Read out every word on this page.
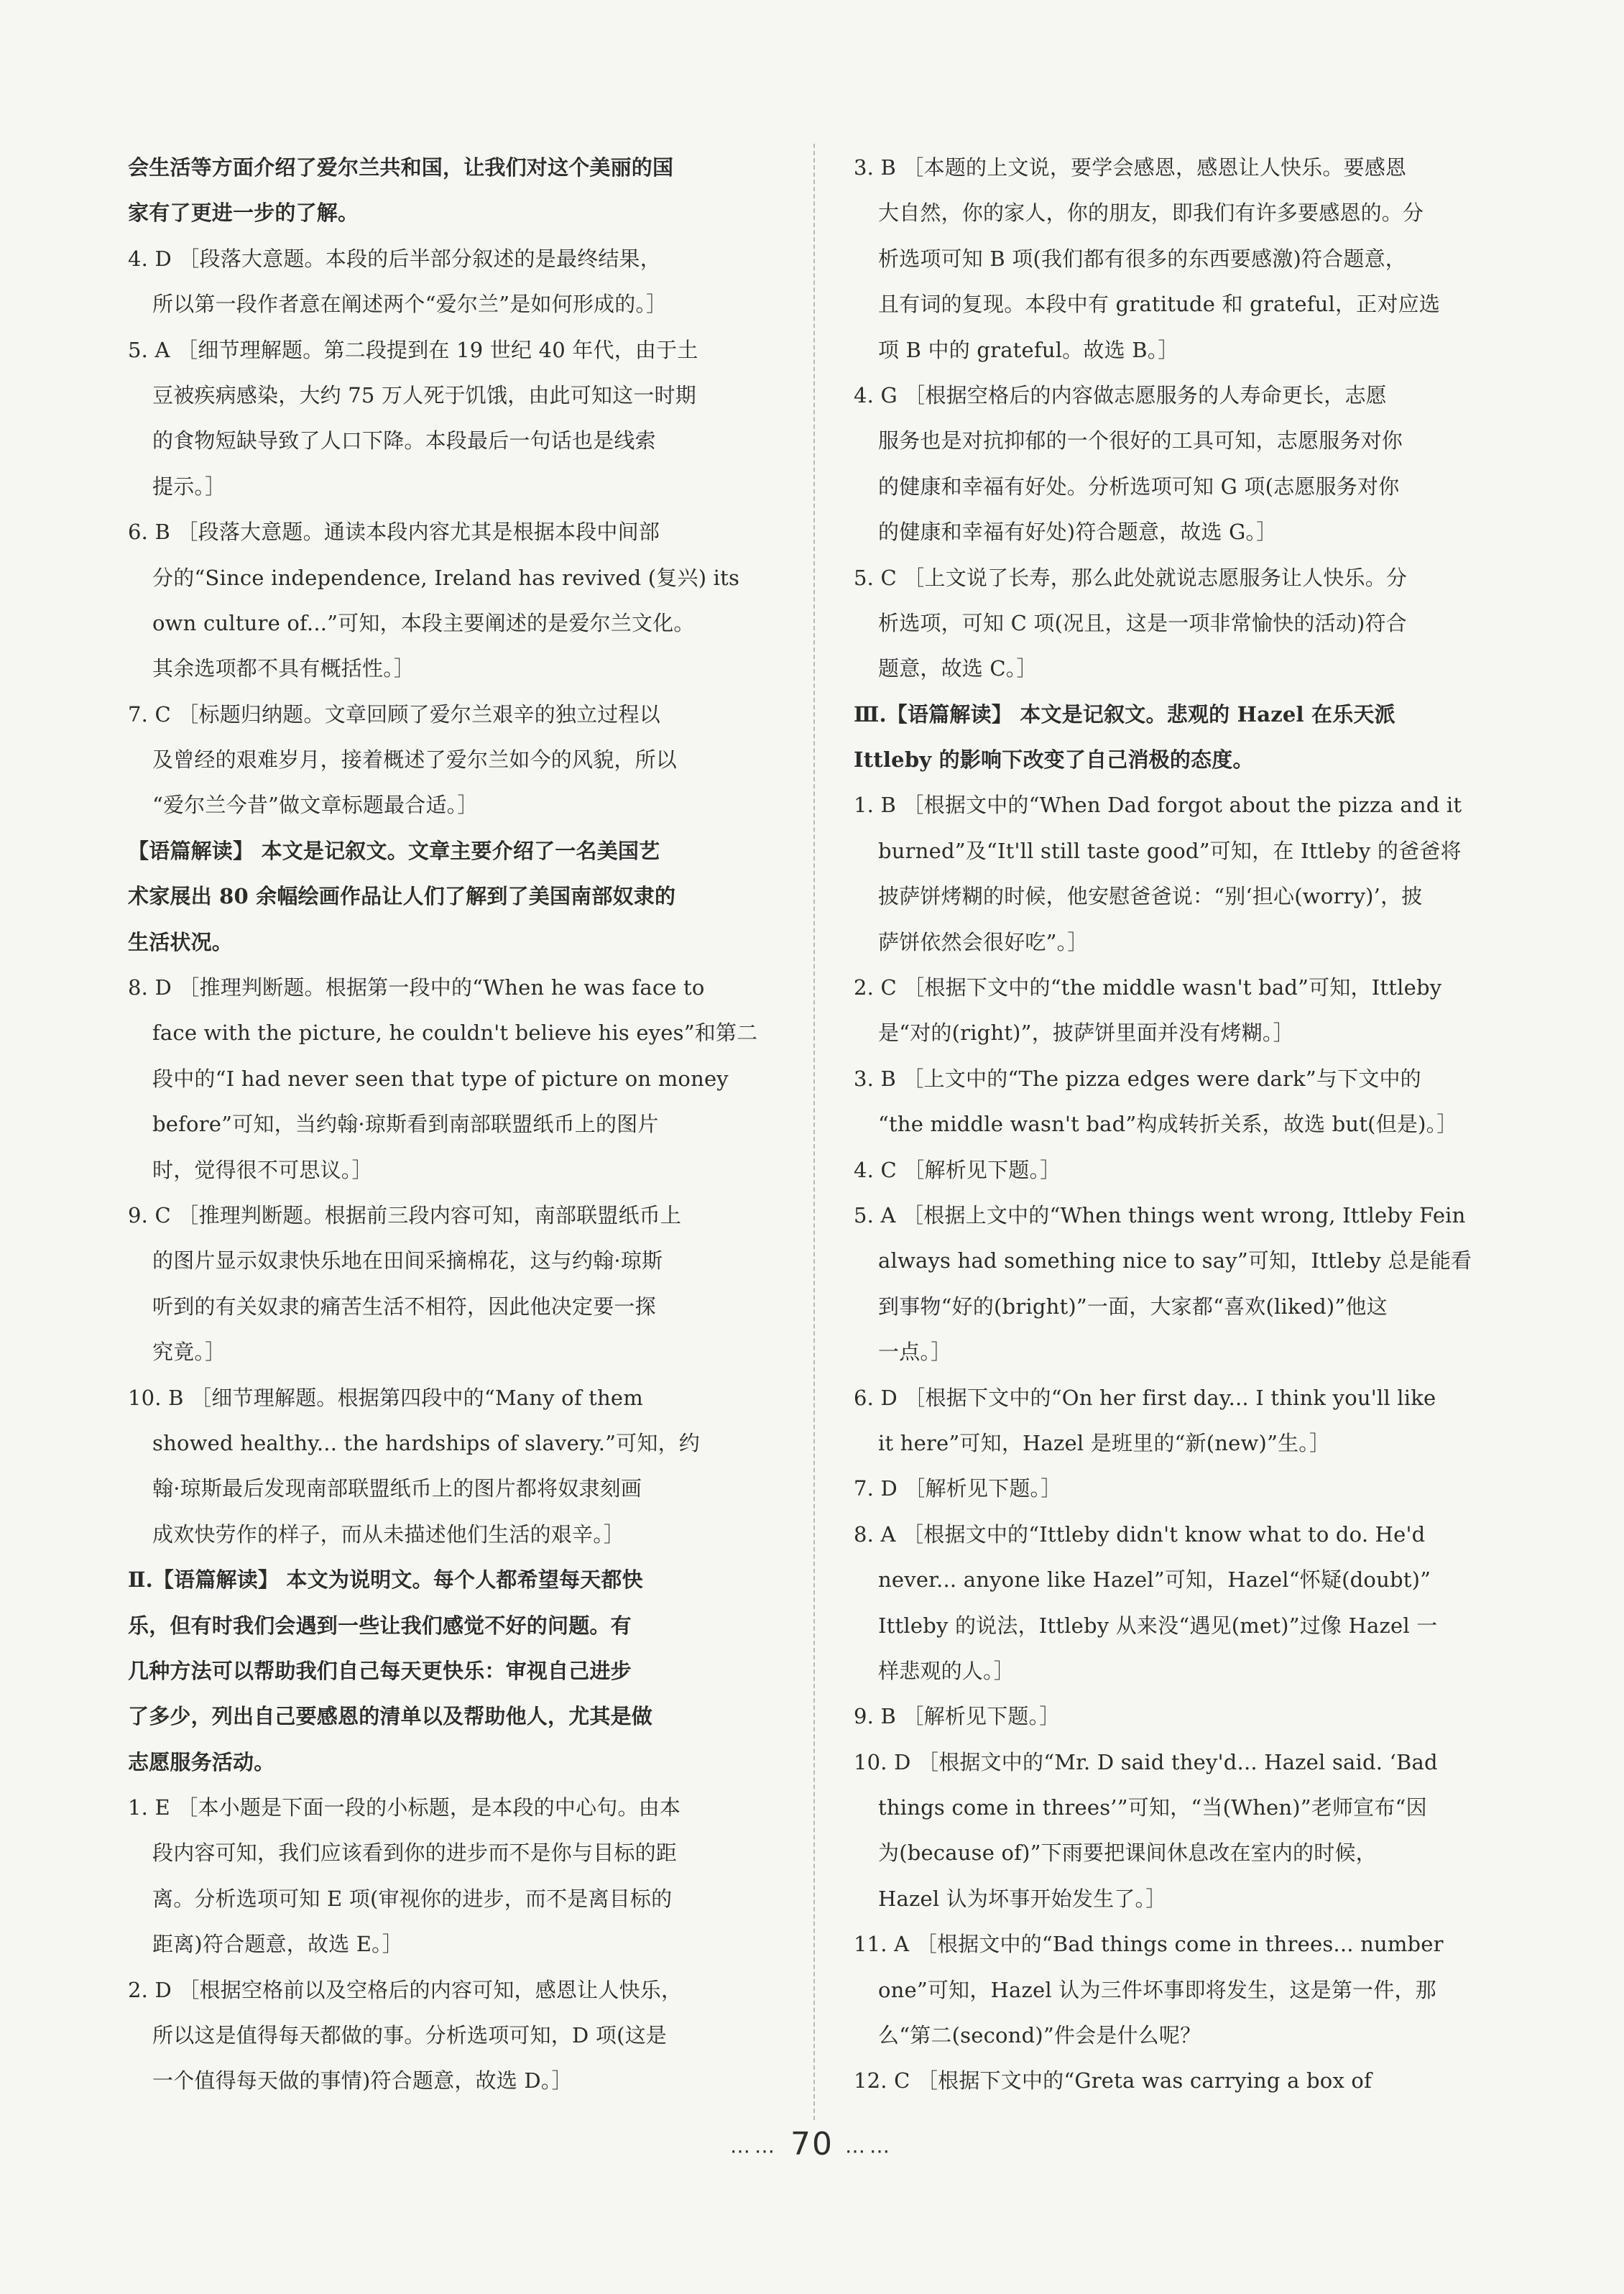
会生活等方面介绍了爱尔兰共和国，让我们对这个美丽的国
家有了更进一步的了解。
4. D ［段落大意题。本段的后半部分叙述的是最终结果，
所以第一段作者意在阐述两个“爱尔兰”是如何形成的。］
5. A ［细节理解题。第二段提到在 19 世纪 40 年代，由于土
豆被疾病感染，大约 75 万人死于饥饿，由此可知这一时期
的食物短缺导致了人口下降。本段最后一句话也是线索
提示。］
6. B ［段落大意题。通读本段内容尤其是根据本段中间部
分的“Since independence, Ireland has revived (复兴) its
own culture of...”可知，本段主要阐述的是爱尔兰文化。
其余选项都不具有概括性。］
7. C ［标题归纳题。文章回顾了爱尔兰艰辛的独立过程以
及曾经的艰难岁月，接着概述了爱尔兰如今的风貌，所以
“爱尔兰今昔”做文章标题最合适。］
【语篇解读】 本文是记叙文。文章主要介绍了一名美国艺
术家展出 80 余幅绘画作品让人们了解到了美国南部奴隶的
生活状况。
8. D ［推理判断题。根据第一段中的“When he was face to
face with the picture, he couldn't believe his eyes”和第二
段中的“I had never seen that type of picture on money
before”可知，当约翰·琼斯看到南部联盟纸币上的图片
时，觉得很不可思议。］
9. C ［推理判断题。根据前三段内容可知，南部联盟纸币上
的图片显示奴隶快乐地在田间采摘棉花，这与约翰·琼斯
听到的有关奴隶的痛苦生活不相符，因此他决定要一探
究竟。］
10. B ［细节理解题。根据第四段中的“Many of them
showed healthy... the hardships of slavery.”可知，约
翰·琼斯最后发现南部联盟纸币上的图片都将奴隶刻画
成欢快劳作的样子，而从未描述他们生活的艰辛。］
Ⅱ.【语篇解读】 本文为说明文。每个人都希望每天都快
乐，但有时我们会遇到一些让我们感觉不好的问题。有
几种方法可以帮助我们自己每天更快乐：审视自己进步
了多少，列出自己要感恩的清单以及帮助他人，尤其是做
志愿服务活动。
1. E ［本小题是下面一段的小标题，是本段的中心句。由本
段内容可知，我们应该看到你的进步而不是你与目标的距
离。分析选项可知 E 项(审视你的进步，而不是离目标的
距离)符合题意，故选 E。］
2. D ［根据空格前以及空格后的内容可知，感恩让人快乐，
所以这是值得每天都做的事。分析选项可知，D 项(这是
一个值得每天做的事情)符合题意，故选 D。］
3. B ［本题的上文说，要学会感恩，感恩让人快乐。要感恩
大自然，你的家人，你的朋友，即我们有许多要感恩的。分
析选项可知 B 项(我们都有很多的东西要感激)符合题意，
且有词的复现。本段中有 gratitude 和 grateful，正对应选
项 B 中的 grateful。故选 B。］
4. G ［根据空格后的内容做志愿服务的人寿命更长，志愿
服务也是对抗抑郁的一个很好的工具可知，志愿服务对你
的健康和幸福有好处。分析选项可知 G 项(志愿服务对你
的健康和幸福有好处)符合题意，故选 G。］
5. C ［上文说了长寿，那么此处就说志愿服务让人快乐。分
析选项，可知 C 项(况且，这是一项非常愉快的活动)符合
题意，故选 C。］
Ⅲ.【语篇解读】 本文是记叙文。悲观的 Hazel 在乐天派
Ittleby 的影响下改变了自己消极的态度。
1. B ［根据文中的“When Dad forgot about the pizza and it
burned”及“It'll still taste good”可知，在 Ittleby 的爸爸将
披萨饼烤糊的时候，他安慰爸爸说：“别‘担心(worry)’，披
萨饼依然会很好吃”。］
2. C ［根据下文中的“the middle wasn't bad”可知，Ittleby
是“对的(right)”，披萨饼里面并没有烤糊。］
3. B ［上文中的“The pizza edges were dark”与下文中的
“the middle wasn't bad”构成转折关系，故选 but(但是)。］
4. C ［解析见下题。］
5. A ［根据上文中的“When things went wrong, Ittleby Fein
always had something nice to say”可知，Ittleby 总是能看
到事物“好的(bright)”一面，大家都“喜欢(liked)”他这
一点。］
6. D ［根据下文中的“On her first day... I think you'll like
it here”可知，Hazel 是班里的“新(new)”生。］
7. D ［解析见下题。］
8. A ［根据文中的“Ittleby didn't know what to do. He'd
never... anyone like Hazel”可知，Hazel“怀疑(doubt)”
Ittleby 的说法，Ittleby 从来没“遇见(met)”过像 Hazel 一
样悲观的人。］
9. B ［解析见下题。］
10. D ［根据文中的“Mr. D said they'd... Hazel said. ‘Bad
things come in threes’”可知，“当(When)”老师宣布“因
为(because of)”下雨要把课间休息改在室内的时候，
Hazel 认为坏事开始发生了。］
11. A ［根据文中的“Bad things come in threes... number
one”可知，Hazel 认为三件坏事即将发生，这是第一件，那
么“第二(second)”件会是什么呢？
12. C ［根据下文中的“Greta was carrying a box of
…… 70 ……
